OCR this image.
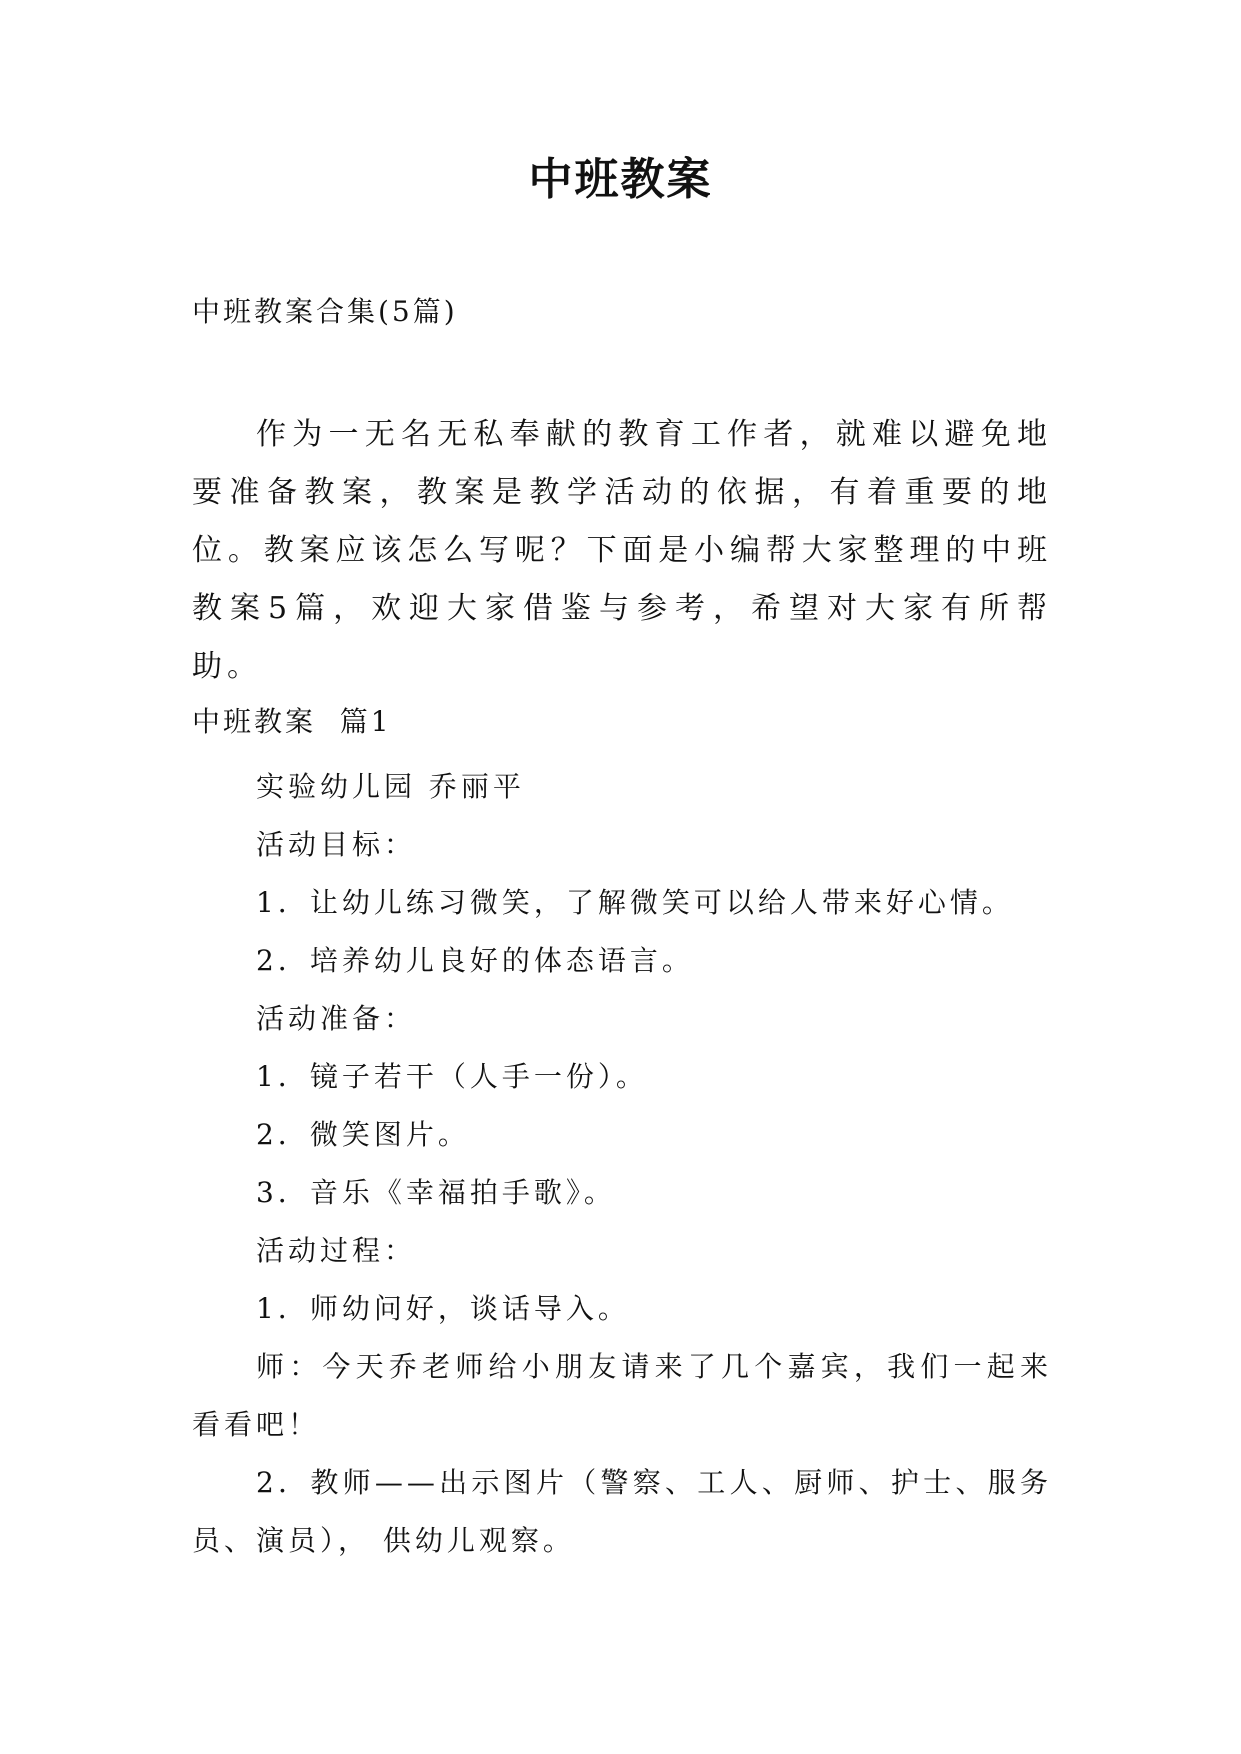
中班教案
中班教案合集(5篇)

作为一无名无私奉献的教育工作者，就难以避免地要准备教案，教案是教学活动的依据，有着重要的地位。教案应该怎么写呢？下面是小编帮大家整理的中班教案5篇，欢迎大家借鉴与参考，希望对大家有所帮助。

中班教案  篇1
实验幼儿园 乔丽平
活动目标：
1．让幼儿练习微笑，了解微笑可以给人带来好心情。
2．培养幼儿良好的体态语言。
活动准备：
1．镜子若干（人手一份）。
2．微笑图片。
3．音乐《幸福拍手歌》。
活动过程：
1．师幼问好，谈话导入。

师：今天乔老师给小朋友请来了几个嘉宾，我们一起来看看吧！

2．教师——出示图片（警察、工人、厨师、护士、服务员、演员）， 供幼儿观察。
